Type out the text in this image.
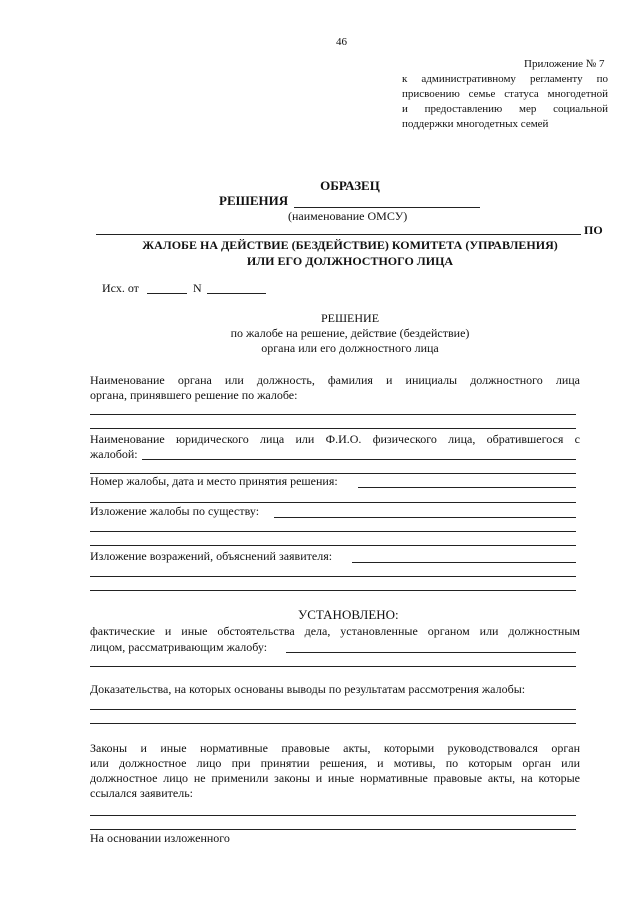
46
Приложение № 7
к административному регламенту по
присвоению семье статуса многодетной
и предоставлению мер социальной
поддержки многодетных семей
ОБРАЗЕЦ
РЕШЕНИЯ
(наименование ОМСУ)
ПО
ЖАЛОБЕ НА ДЕЙСТВИЕ (БЕЗДЕЙСТВИЕ) КОМИТЕТА (УПРАВЛЕНИЯ)
ИЛИ ЕГО ДОЛЖНОСТНОГО ЛИЦА
Исх. от	N
РЕШЕНИЕ
по жалобе на решение, действие (бездействие)
органа или его должностного лица
Наименование органа или должность, фамилия и инициалы должностного лица
органа, принявшего решение по жалобе:
Наименование юридического лица или Ф.И.О. физического лица, обратившегося с
жалобой:
Номер жалобы, дата и место принятия решения:
Изложение жалобы по существу:
Изложение возражений, объяснений заявителя:
УСТАНОВЛЕНО:
фактические и иные обстоятельства дела, установленные органом или должностным
лицом, рассматривающим жалобу:
Доказательства, на которых основаны выводы по результатам рассмотрения жалобы:
Законы и иные нормативные правовые акты, которыми руководствовался орган
или должностное лицо при принятии решения, и мотивы, по которым орган или
должностное лицо не применили законы и иные нормативные правовые акты, на которые
ссылался заявитель:
На основании изложенного
